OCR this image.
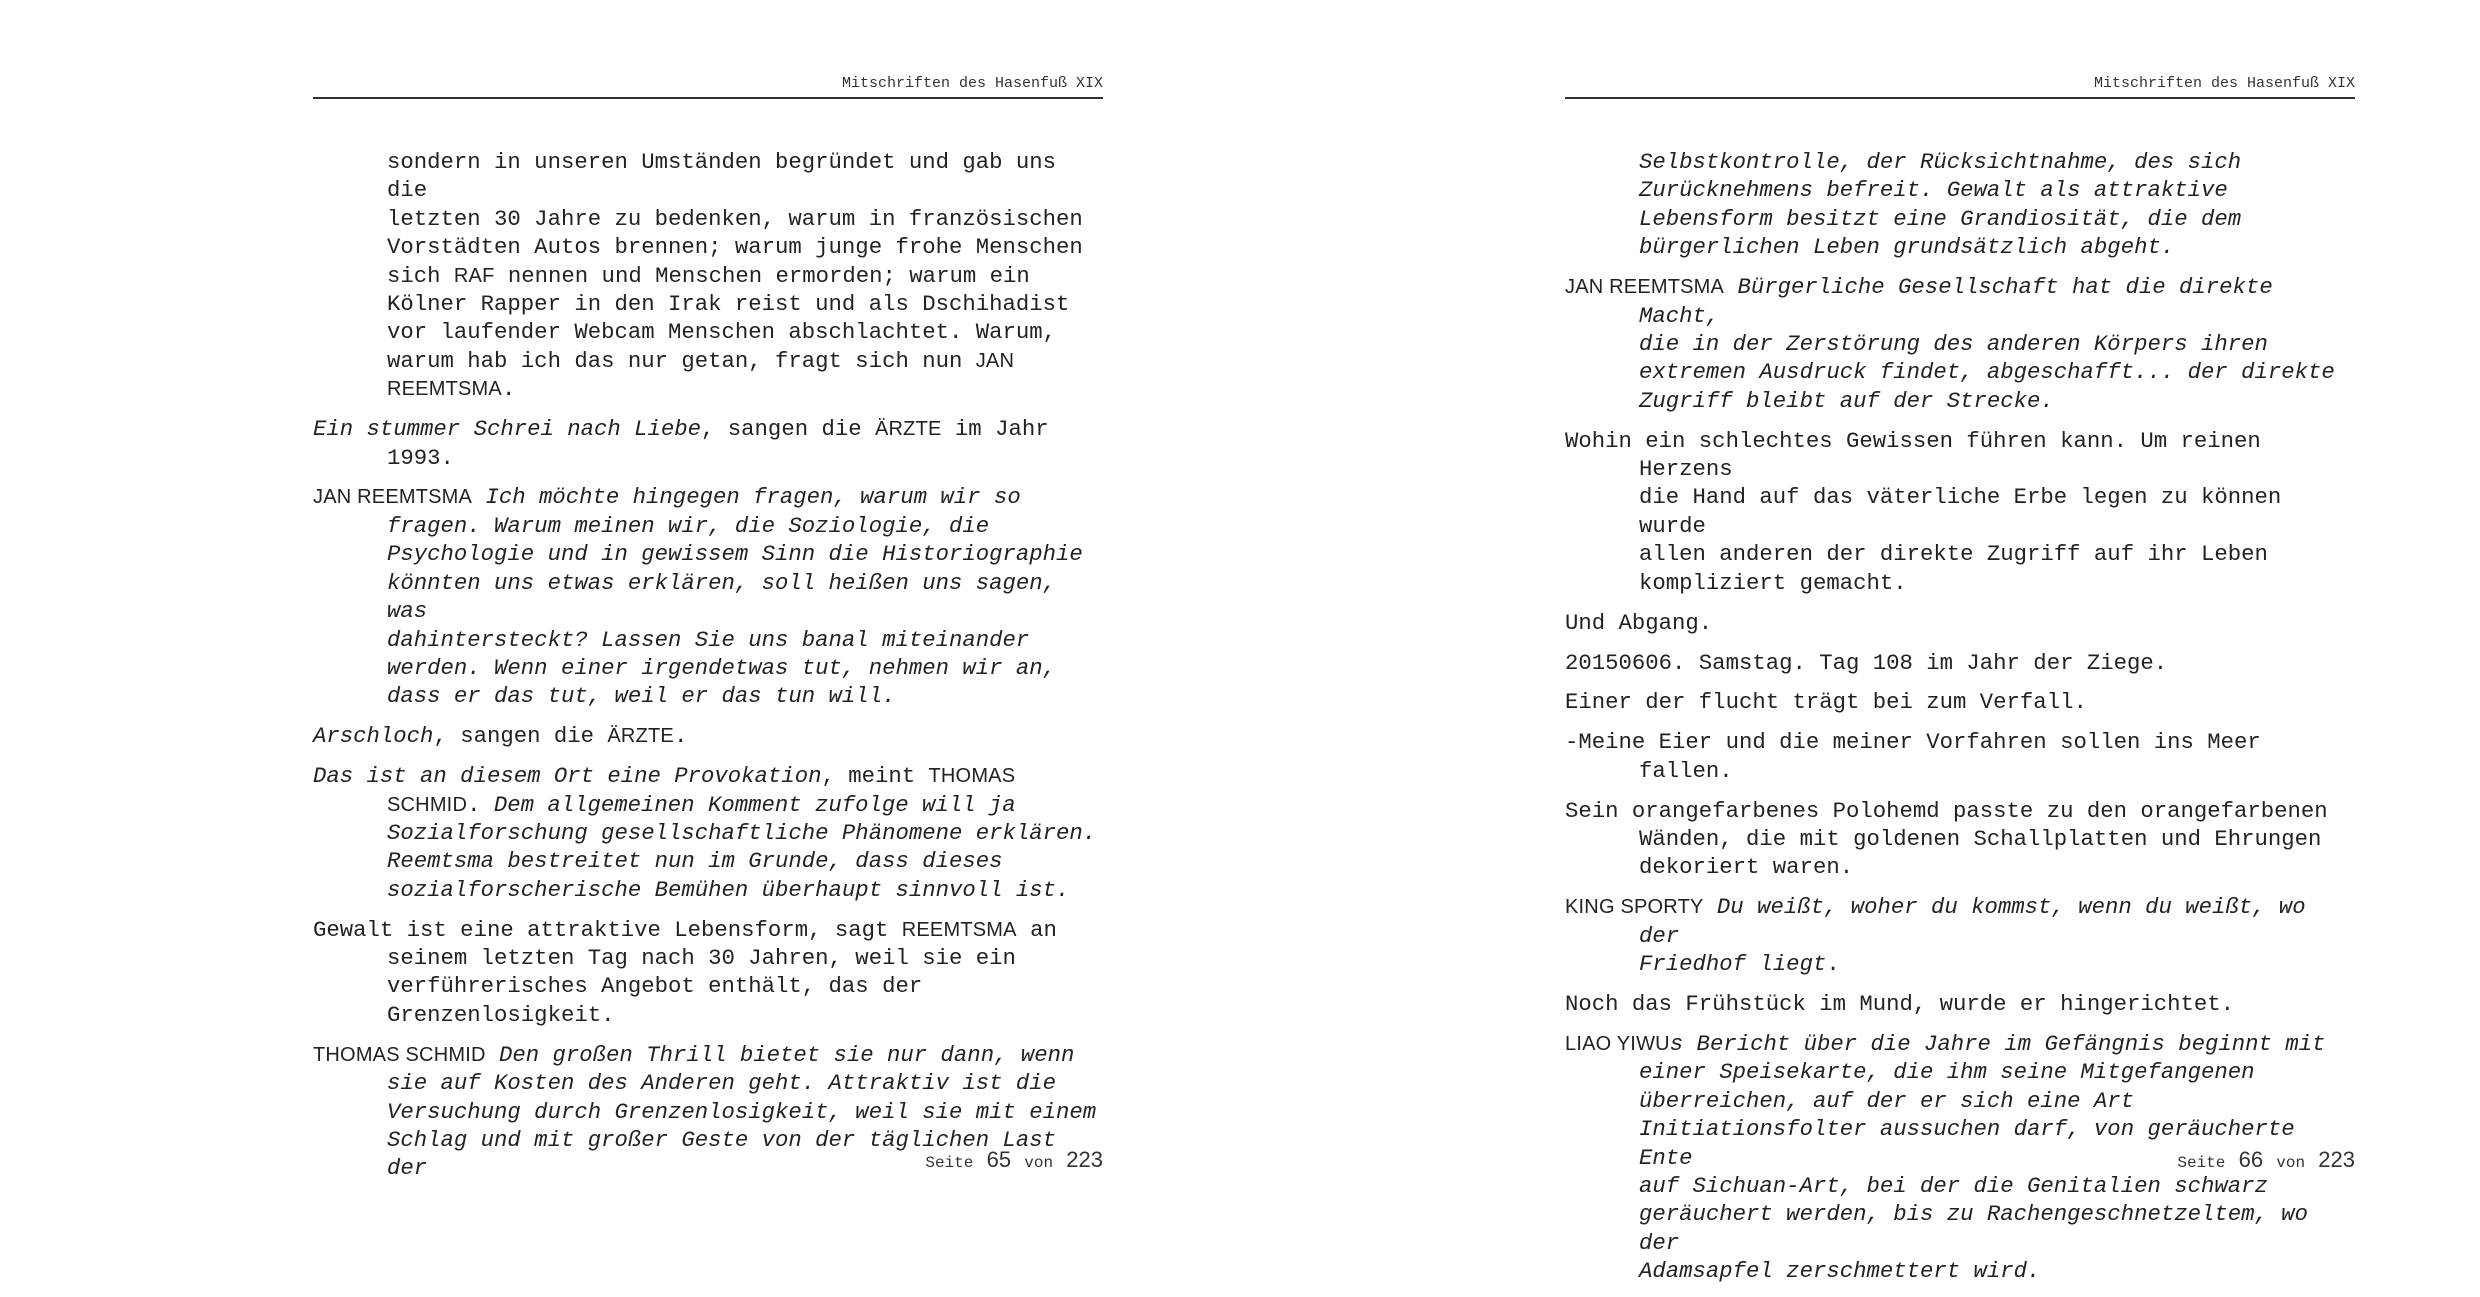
Mitschriften des Hasenfuß XIX

sondern in unseren Umständen begründet und gab uns die
letzten 30 Jahre zu bedenken, warum in französischen
Vorstädten Autos brennen; warum junge frohe Menschen
sich RAF nennen und Menschen ermorden; warum ein
Kölner Rapper in den Irak reist und als Dschihadist
vor laufender Webcam Menschen abschlachtet. Warum,
warum hab ich das nur getan, fragt sich nun JAN
REEMTSMA.

Ein stummer Schrei nach Liebe, sangen die ÄRZTE im Jahr
1993.

JAN REEMTSMA Ich möchte hingegen fragen, warum wir so
fragen. Warum meinen wir, die Soziologie, die
Psychologie und in gewissem Sinn die Historiographie
könnten uns etwas erklären, soll heißen uns sagen, was
dahintersteckt? Lassen Sie uns banal miteinander
werden. Wenn einer irgendetwas tut, nehmen wir an,
dass er das tut, weil er das tun will.

Arschloch, sangen die ÄRZTE.

Das ist an diesem Ort eine Provokation, meint THOMAS
SCHMID. Dem allgemeinen Komment zufolge will ja
Sozialforschung gesellschaftliche Phänomene erklären.
Reemtsma bestreitet nun im Grunde, dass dieses
sozialforscherische Bemühen überhaupt sinnvoll ist.

Gewalt ist eine attraktive Lebensform, sagt REEMTSMA an
seinem letzten Tag nach 30 Jahren, weil sie ein
verführerisches Angebot enthält, das der
Grenzenlosigkeit.

THOMAS SCHMID Den großen Thrill bietet sie nur dann, wenn
sie auf Kosten des Anderen geht. Attraktiv ist die
Versuchung durch Grenzenlosigkeit, weil sie mit einem
Schlag und mit großer Geste von der täglichen Last der	Seite 65 von 223
Mitschriften des Hasenfuß XIX

Selbstkontrolle, der Rücksichtnahme, des sich
Zurücknehmens befreit. Gewalt als attraktive
Lebensform besitzt eine Grandiosität, die dem
bürgerlichen Leben grundsätzlich abgeht.

JAN REEMTSMA Bürgerliche Gesellschaft hat die direkte Macht,
die in der Zerstörung des anderen Körpers ihren
extremen Ausdruck findet, abgeschafft... der direkte
Zugriff bleibt auf der Strecke.

Wohin ein schlechtes Gewissen führen kann. Um reinen Herzens
die Hand auf das väterliche Erbe legen zu können wurde
allen anderen der direkte Zugriff auf ihr Leben
kompliziert gemacht.

Und Abgang.

20150606. Samstag. Tag 108 im Jahr der Ziege.

Einer der flucht trägt bei zum Verfall.

-Meine Eier und die meiner Vorfahren sollen ins Meer fallen.

Sein orangefarbenes Polohemd passte zu den orangefarbenen
Wänden, die mit goldenen Schallplatten und Ehrungen
dekoriert waren.

KING SPORTY Du weißt, woher du kommst, wenn du weißt, wo der
Friedhof liegt.

Noch das Frühstück im Mund, wurde er hingerichtet.

LIAO YIWUs Bericht über die Jahre im Gefängnis beginnt mit
einer Speisekarte, die ihm seine Mitgefangenen
überreichen, auf der er sich eine Art
Initiationsfolter aussuchen darf, von geräucherte Ente
auf Sichuan-Art, bei der die Genitalien schwarz
geräuchert werden, bis zu Rachengeschnetzeltem, wo der
Adamsapfel zerschmettert wird.

Seite 66 von 223
